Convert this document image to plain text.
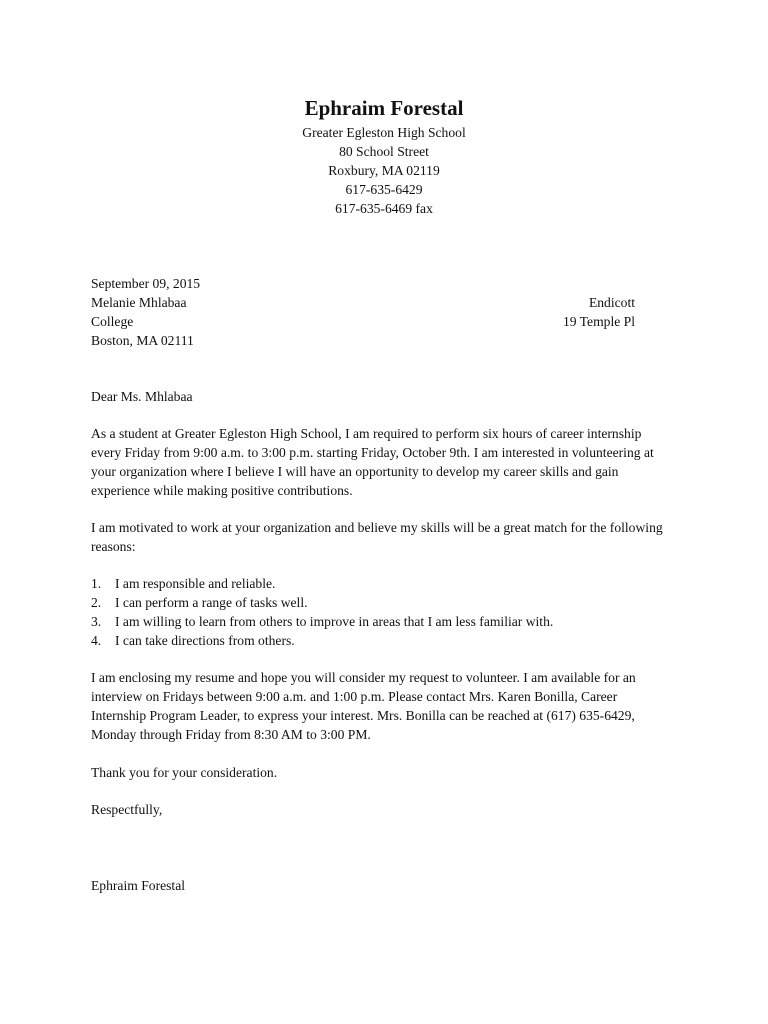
Ephraim Forestal
Greater Egleston High School
80 School Street
Roxbury, MA 02119
617-635-6429
617-635-6469 fax
September 09, 2015
Melanie Mhlabaa	Endicott
College	19 Temple Pl
Boston, MA 02111
Dear Ms. Mhlabaa
As a student at Greater Egleston High School, I am required to perform six hours of career internship
every Friday from 9:00 a.m. to 3:00 p.m. starting Friday, October 9th. I am interested in volunteering at
your organization where I believe I will have an opportunity to develop my career skills and gain
experience while making positive contributions.
I am motivated to work at your organization and believe my skills will be a great match for the following
reasons:
1. I am responsible and reliable.
2. I can perform a range of tasks well.
3. I am willing to learn from others to improve in areas that I am less familiar with.
4. I can take directions from others.
I am enclosing my resume and hope you will consider my request to volunteer. I am available for an
interview on Fridays between 9:00 a.m. and 1:00 p.m. Please contact Mrs. Karen Bonilla, Career
Internship Program Leader, to express your interest. Mrs. Bonilla can be reached at (617) 635-6429,
Monday through Friday from 8:30 AM to 3:00 PM.
Thank you for your consideration.
Respectfully,
Ephraim Forestal
